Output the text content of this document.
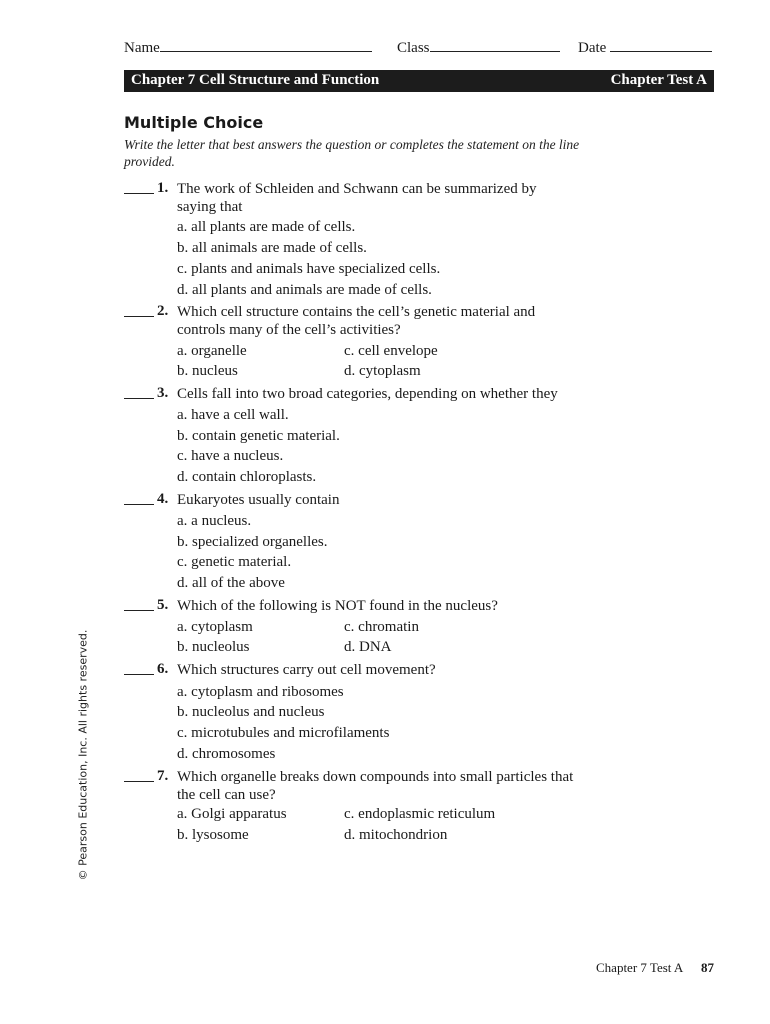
Name	Class	Date
Chapter 7 Cell Structure and Function	Chapter Test A
Multiple Choice
Write the letter that best answers the question or completes the statement on the line provided.
1. The work of Schleiden and Schwann can be summarized by saying that
a. all plants are made of cells.
b. all animals are made of cells.
c. plants and animals have specialized cells.
d. all plants and animals are made of cells.
2. Which cell structure contains the cell’s genetic material and controls many of the cell’s activities?
a. organelle
b. nucleus
c. cell envelope
d. cytoplasm
3. Cells fall into two broad categories, depending on whether they
a. have a cell wall.
b. contain genetic material.
c. have a nucleus.
d. contain chloroplasts.
4. Eukaryotes usually contain
a. a nucleus.
b. specialized organelles.
c. genetic material.
d. all of the above
5. Which of the following is NOT found in the nucleus?
a. cytoplasm
b. nucleolus
c. chromatin
d. DNA
6. Which structures carry out cell movement?
a. cytoplasm and ribosomes
b. nucleolus and nucleus
c. microtubules and microfilaments
d. chromosomes
7. Which organelle breaks down compounds into small particles that the cell can use?
a. Golgi apparatus
b. lysosome
c. endoplasmic reticulum
d. mitochondrion
© Pearson Education, Inc. All rights reserved.
Chapter 7 Test A 87
